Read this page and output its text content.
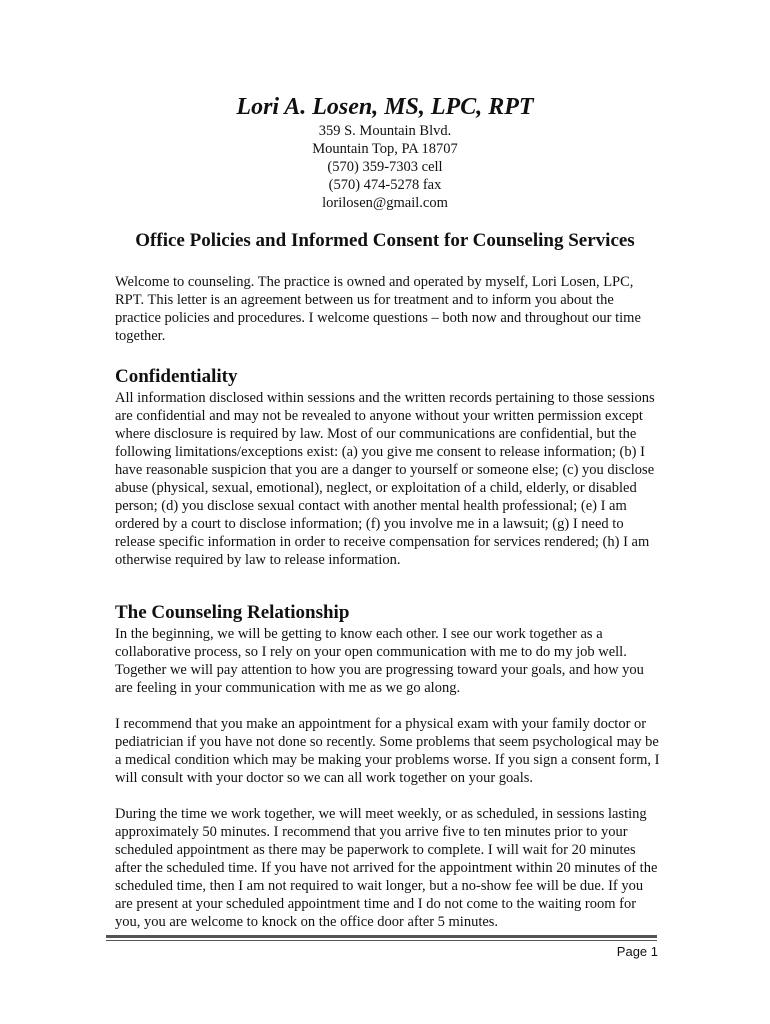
Lori A. Losen, MS, LPC, RPT

359 S. Mountain Blvd.

Mountain Top, PA 18707

(570) 359-7303 cell

(570) 474-5278 fax

lorilosen@gmail.com

Office Policies and Informed Consent for Counseling Services

Welcome to counseling. The practice is owned and operated by myself, Lori Losen, LPC, RPT. This letter is an agreement between us for treatment and to inform you about the practice policies and procedures. I welcome questions – both now and throughout our time together.

Confidentiality

All information disclosed within sessions and the written records pertaining to those sessions are confidential and may not be revealed to anyone without your written permission except where disclosure is required by law. Most of our communications are confidential, but the following limitations/exceptions exist: (a) you give me consent to release information; (b) I have reasonable suspicion that you are a danger to yourself or someone else; (c) you disclose abuse (physical, sexual, emotional), neglect, or exploitation of a child, elderly, or disabled person; (d) you disclose sexual contact with another mental health professional; (e) I am ordered by a court to disclose information; (f) you involve me in a lawsuit; (g) I need to release specific information in order to receive compensation for services rendered; (h) I am otherwise required by law to release information.

The Counseling Relationship

In the beginning, we will be getting to know each other. I see our work together as a collaborative process, so I rely on your open communication with me to do my job well. Together we will pay attention to how you are progressing toward your goals, and how you are feeling in your communication with me as we go along.

I recommend that you make an appointment for a physical exam with your family doctor or pediatrician if you have not done so recently. Some problems that seem psychological may be a medical condition which may be making your problems worse. If you sign a consent form, I will consult with your doctor so we can all work together on your goals.

During the time we work together, we will meet weekly, or as scheduled, in sessions lasting approximately 50 minutes. I recommend that you arrive five to ten minutes prior to your scheduled appointment as there may be paperwork to complete. I will wait for 20 minutes after the scheduled time. If you have not arrived for the appointment within 20 minutes of the scheduled time, then I am not required to wait longer, but a no-show fee will be due. If you are present at your scheduled appointment time and I do not come to the waiting room for you, you are welcome to knock on the office door after 5 minutes.

Page 1
